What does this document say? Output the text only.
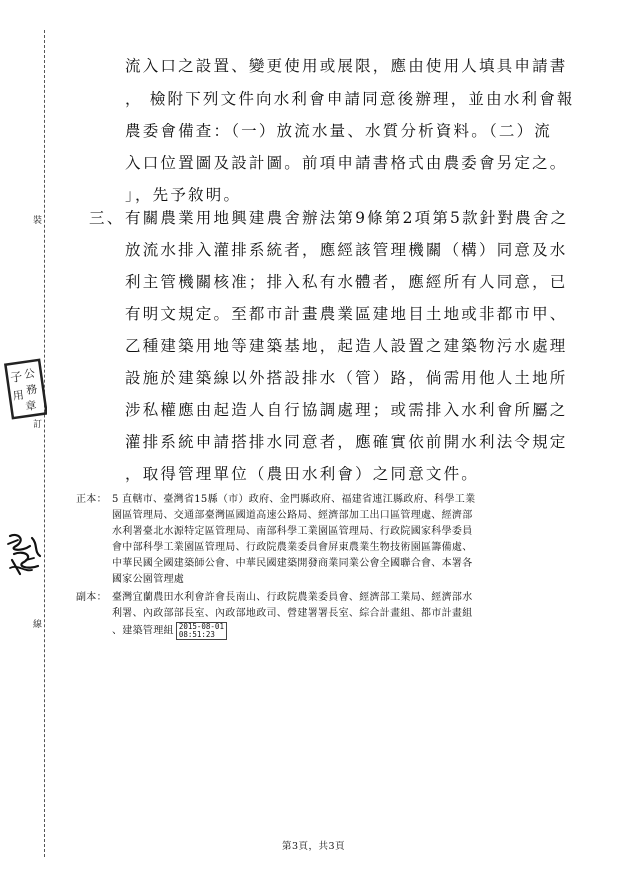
裝
訂
線
子 公
務
用
章
流入口之設置、變更使用或展限，應由使用人填具申請書
， 檢附下列文件向水利會申請同意後辦理，並由水利會報
農委會備查：（一）放流水量、水質分析資料。（二）流
入口位置圖及設計圖。前項申請書格式由農委會另定之。
」，先予敘明。
三、 有關農業用地興建農舍辦法第9條第2項第5款針對農舍之
放流水排入灌排系統者，應經該管理機關（構）同意及水
利主管機關核准；排入私有水體者，應經所有人同意，已
有明文規定。至都市計畫農業區建地目土地或非都市甲、
乙種建築用地等建築基地，起造人設置之建築物污水處理
設施於建築線以外搭設排水（管）路，倘需用他人土地所
涉私權應由起造人自行協調處理；或需排入水利會所屬之
灌排系統申請搭排水同意者，應確實依前開水利法令規定
，取得管理單位（農田水利會）之同意文件。
正本： 5 直轄市、臺灣省15縣（市）政府、金門縣政府、福建省連江縣政府、科學工業
園區管理局、交通部臺灣區國道高速公路局、經濟部加工出口區管理處、經濟部
水利署臺北水源特定區管理局、南部科學工業園區管理局、行政院國家科學委員
會中部科學工業園區管理局、行政院農業委員會屏東農業生物技術園區籌備處、
中華民國全國建築師公會、中華民國建築開發商業同業公會全國聯合會、本署各
國家公園管理處
副本： 臺灣宜蘭農田水利會許會長南山、行政院農業委員會、經濟部工業局、經濟部水
利署、內政部部長室、內政部地政司、營建署署長室、綜合計畫組、都市計畫組
、建築管理組 2015-08-01
08:51:23
第3頁，共3頁
